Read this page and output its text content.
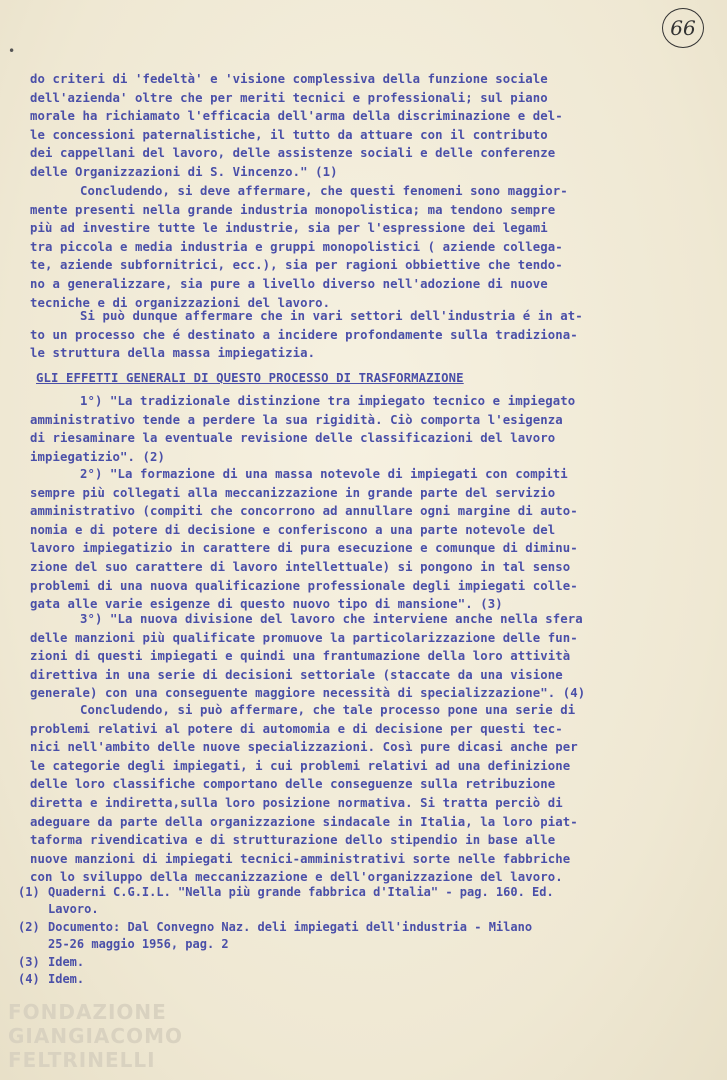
66
•
do criteri di 'fedeltà' e 'visione complessiva della funzione sociale
dell'azienda' oltre che per meriti tecnici e professionali; sul piano
morale ha richiamato l'efficacia dell'arma della discriminazione e del-
le concessioni paternalistiche, il tutto da attuare con il contributo
dei cappellani del lavoro, delle assistenze sociali e delle conferenze
delle Organizzazioni di S. Vincenzo." (1)
Concludendo, si deve affermare, che questi fenomeni sono maggior-
mente presenti nella grande industria monopolistica; ma tendono sempre
più ad investire tutte le industrie, sia per l'espressione dei legami
tra piccola e media industria e gruppi monopolistici ( aziende collega-
te, aziende subfornitrici, ecc.), sia per ragioni obbiettive che tendo-
no a generalizzare, sia pure a livello diverso nell'adozione di nuove
tecniche e di organizzazioni del lavoro.
Si può dunque affermare che in vari settori dell'industria é in at-
to un processo che é destinato a incidere profondamente sulla tradiziona-
le struttura della massa impiegatizia.
GLI EFFETTI GENERALI DI QUESTO PROCESSO DI TRASFORMAZIONE
1°) "La tradizionale distinzione tra impiegato tecnico e impiegato
amministrativo tende a perdere la sua rigidità. Ciò comporta l'esigenza
di riesaminare la eventuale revisione delle classificazioni del lavoro
impiegatizio". (2)
2°) "La formazione di una massa notevole di impiegati con compiti
sempre più collegati alla meccanizzazione in grande parte del servizio
amministrativo (compiti che concorrono ad annullare ogni margine di auto-
nomia e di potere di decisione e conferiscono a una parte notevole del
lavoro impiegatizio in carattere di pura esecuzione e comunque di diminu-
zione del suo carattere di lavoro intellettuale) si pongono in tal senso
problemi di una nuova qualificazione professionale degli impiegati colle-
gata alle varie esigenze di questo nuovo tipo di mansione". (3)
3°) "La nuova divisione del lavoro che interviene anche nella sfera
delle manzioni più qualificate promuove la particolarizzazione delle fun-
zioni di questi impiegati e quindi una frantumazione della loro attività
direttiva in una serie di decisioni settoriale (staccate da una visione
generale) con una conseguente maggiore necessità di specializzazione". (4)
Concludendo, si può affermare, che tale processo pone una serie di
problemi relativi al potere di automomia e di decisione per questi tec-
nici nell'ambito delle nuove specializzazioni. Così pure dicasi anche per
le categorie degli impiegati, i cui problemi relativi ad una definizione
delle loro classifiche comportano delle conseguenze sulla retribuzione
diretta e indiretta,sulla loro posizione normativa. Si tratta perciò di
adeguare da parte della organizzazione sindacale in Italia, la loro piat-
taforma rivendicativa e di strutturazione dello stipendio in base alle
nuove manzioni di impiegati tecnici-amministrativi sorte nelle fabbriche
con lo sviluppo della meccanizzazione e dell'organizzazione del lavoro.
(1) Quaderni C.G.I.L. "Nella più grande fabbrica d'Italia" - pag. 160. Ed.
Lavoro.
(2) Documento: Dal Convegno Naz. deli impiegati dell'industria - Milano
25-26 maggio 1956, pag. 2
(3) Idem.
(4) Idem.
FONDAZIONE
GIANGIACOMO
FELTRINELLI
